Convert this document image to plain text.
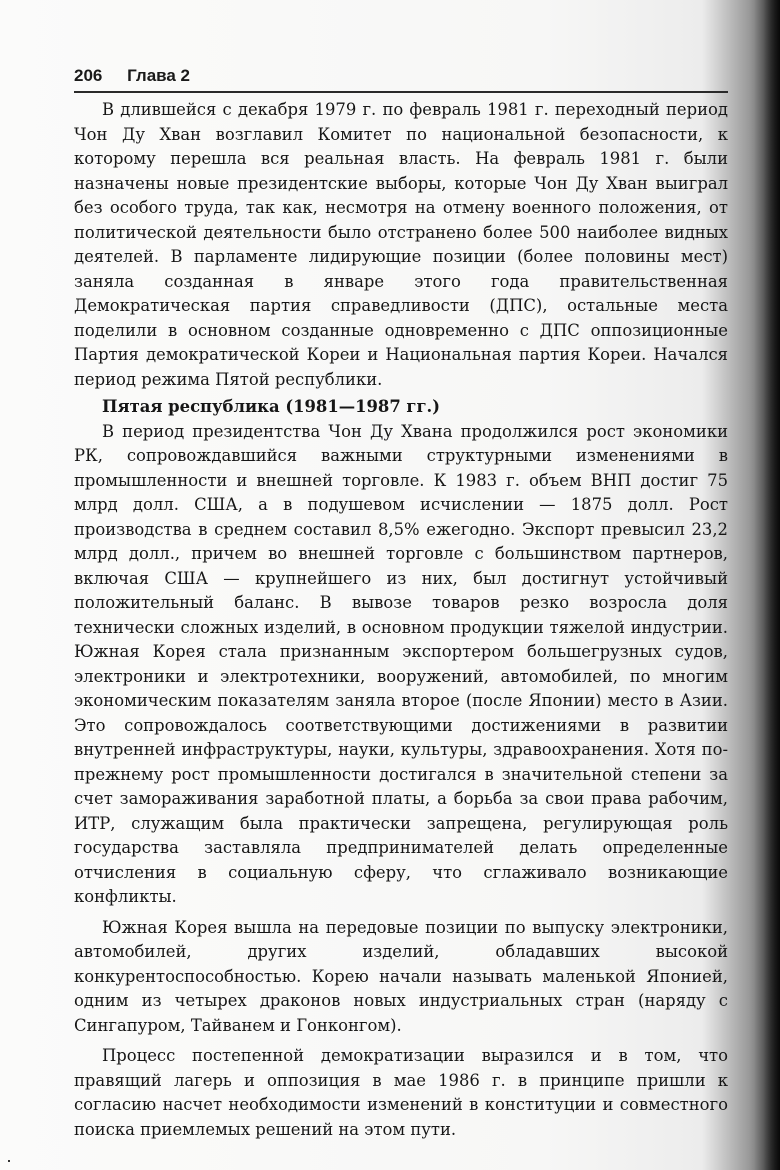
206 Глава 2

В длившейся с декабря 1979 г. по февраль 1981 г. переходный период Чон Ду Хван возглавил Комитет по национальной безопасности, к которому перешла вся реальная власть. На февраль 1981 г. были назначены новые президентские выборы, которые Чон Ду Хван выиграл без особого труда, так как, несмотря на отмену военного положения, от политической деятельности было отстранено более 500 наиболее видных деятелей. В парламенте лидирующие позиции (более половины мест) заняла созданная в январе этого года правительственная Демократическая партия справедливости (ДПС), остальные места поделили в основном созданные одновременно с ДПС оппозиционные Партия демократической Кореи и Национальная партия Кореи. Начался период режима Пятой республики.

Пятая республика (1981—1987 гг.)

В период президентства Чон Ду Хвана продолжился рост экономики РК, сопровождавшийся важными структурными изменениями в промышленности и внешней торговле. К 1983 г. объем ВНП достиг 75 млрд долл. США, а в подушевом исчислении — 1875 долл. Рост производства в среднем составил 8,5% ежегодно. Экспорт превысил 23,2 млрд долл., причем во внешней торговле с большинством партнеров, включая США — крупнейшего из них, был достигнут устойчивый положительный баланс. В вывозе товаров резко возросла доля технически сложных изделий, в основном продукции тяжелой индустрии. Южная Корея стала признанным экспортером большегрузных судов, электроники и электротехники, вооружений, автомобилей, по многим экономическим показателям заняла второе (после Японии) место в Азии. Это сопровождалось соответствующими достижениями в развитии внутренней инфраструктуры, науки, культуры, здравоохранения. Хотя по-прежнему рост промышленности достигался в значительной степени за счет замораживания заработной платы, а борьба за свои права рабочим, ИТР, служащим была практически запрещена, регулирующая роль государства заставляла предпринимателей делать определенные отчисления в социальную сферу, что сглаживало возникающие конфликты.

Южная Корея вышла на передовые позиции по выпуску электроники, автомобилей, других изделий, обладавших высокой конкурентоспособностью. Корею начали называть маленькой Японией, одним из четырех драконов новых индустриальных стран (наряду с Сингапуром, Тайванем и Гонконгом).

Процесс постепенной демократизации выразился и в том, что правящий лагерь и оппозиция в мае 1986 г. в принципе пришли к согласию насчет необходимости изменений в конституции и совместного поиска приемлемых решений на этом пути.
